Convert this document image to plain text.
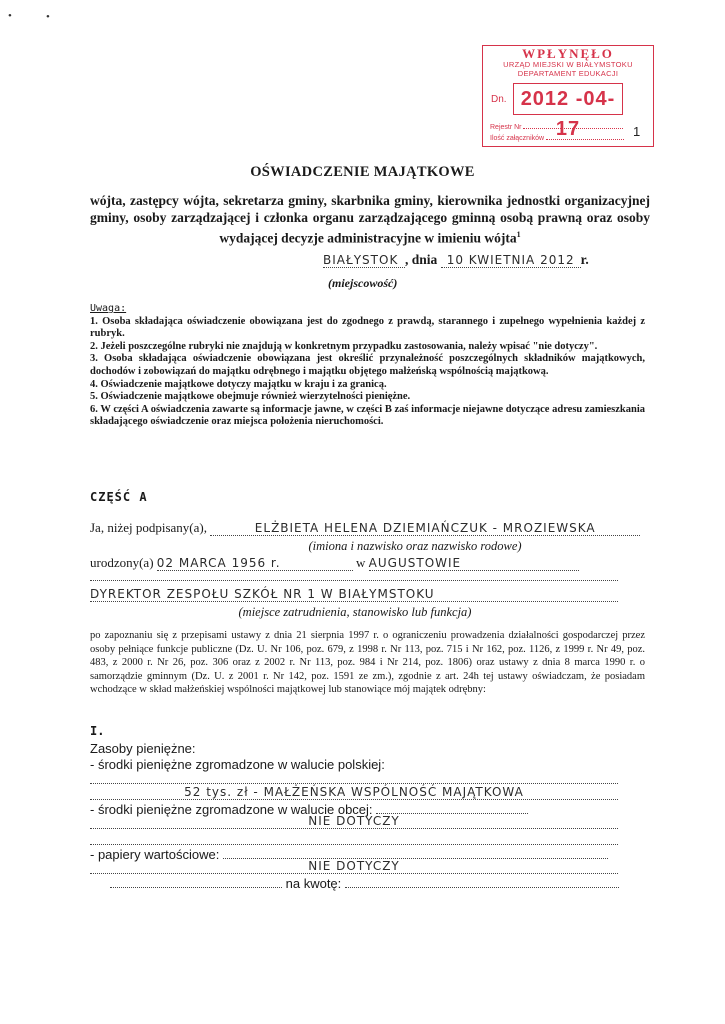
•	•
WPŁYNĘŁO
URZĄD MIEJSKI W BIAŁYMSTOKU
DEPARTAMENT EDUKACJI
Dn. 2012 -04- 17
Rejestr Nr
Ilość załączników	1
OŚWIADCZENIE MAJĄTKOWE
wójta, zastępcy wójta, sekretarza gminy, skarbnika gminy, kierownika jednostki organizacyjnej gminy, osoby zarządzającej i członka organu zarządzającego gminną osobą prawną oraz osoby wydającej decyzje administracyjne w imieniu wójta$^1$
BIAŁYSTOK , dnia 10 KWIETNIA 2012 r.
(miejscowość)
Uwaga:

1. Osoba składająca oświadczenie obowiązana jest do zgodnego z prawdą, starannego i zupełnego wypełnienia każdej z rubryk.

2. Jeżeli poszczególne rubryki nie znajdują w konkretnym przypadku zastosowania, należy wpisać "nie dotyczy".

3. Osoba składająca oświadczenie obowiązana jest określić przynależność poszczególnych składników majątkowych, dochodów i zobowiązań do majątku odrębnego i majątku objętego małżeńską wspólnością majątkową.

4. Oświadczenie majątkowe dotyczy majątku w kraju i za granicą.

5. Oświadczenie majątkowe obejmuje również wierzytelności pieniężne.

6. W części A oświadczenia zawarte są informacje jawne, w części B zaś informacje niejawne dotyczące adresu zamieszkania składającego oświadczenie oraz miejsca położenia nieruchomości.

CZĘŚĆ A
Ja, niżej podpisany(a),	ELŻBIETA HELENA DZIEMIAŃCZUK - MROZIEWSKA
(imiona i nazwisko oraz nazwisko rodowe)
urodzony(a) 02 MARCA 1956 r.	w AUGUSTOWIE
DYREKTOR ZESPOŁU SZKÓŁ NR 1 W BIAŁYMSTOKU
(miejsce zatrudnienia, stanowisko lub funkcja)
po zapoznaniu się z przepisami ustawy z dnia 21 sierpnia 1997 r. o ograniczeniu prowadzenia działalności gospodarczej przez osoby pełniące funkcje publiczne (Dz. U. Nr 106, poz. 679, z 1998 r. Nr 113, poz. 715 i Nr 162, poz. 1126, z 1999 r. Nr 49, poz. 483, z 2000 r. Nr 26, poz. 306 oraz z 2002 r. Nr 113, poz. 984 i Nr 214, poz. 1806) oraz ustawy z dnia 8 marca 1990 r. o samorządzie gminnym (Dz. U. z 2001 r. Nr 142, poz. 1591 ze zm.), zgodnie z art. 24h tej ustawy oświadczam, że posiadam wchodzące w skład małżeńskiej wspólności majątkowej lub stanowiące mój majątek odrębny:
I.
Zasoby pieniężne:
- środki pieniężne zgromadzone w walucie polskiej:
52 tys. zł - MAŁŻEŃSKA WSPÓLNOŚĆ MAJĄTKOWA
- środki pieniężne zgromadzone w walucie obcej:
NIE DOTYCZY
- papiery wartościowe:
NIE DOTYCZY
na kwotę:
